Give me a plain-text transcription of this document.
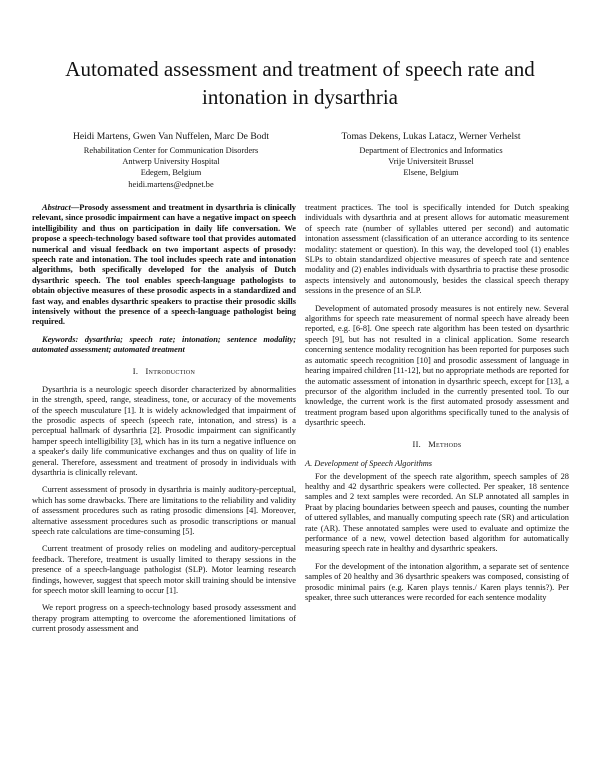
Automated assessment and treatment of speech rate and intonation in dysarthria
Heidi Martens, Gwen Van Nuffelen, Marc De Bodt
Rehabilitation Center for Communication Disorders
Antwerp University Hospital
Edegem, Belgium
heidi.martens@edpnet.be
Tomas Dekens, Lukas Latacz, Werner Verhelst
Department of Electronics and Informatics
Vrije Universiteit Brussel
Elsene, Belgium

Abstract—Prosody assessment and treatment in dysarthria is clinically relevant, since prosodic impairment can have a negative impact on speech intelligibility and thus on participation in daily life conversation. We propose a speech-technology based software tool that provides automated numerical and visual feedback on two important aspects of prosody: speech rate and intonation. The tool includes speech rate and intonation algorithms, both specifically developed for the analysis of Dutch dysarthric speech. The tool enables speech-language pathologists to obtain objective measures of these prosodic aspects in a standardized and fast way, and enables dysarthric speakers to practise their prosodic skills intensively without the presence of a speech-language pathologist being required.

Keywords: dysarthria; speech rate; intonation; sentence modality; automated assessment; automated treatment

I. Introduction

Dysarthria is a neurologic speech disorder characterized by abnormalities in the strength, speed, range, steadiness, tone, or accuracy of the movements of the speech musculature [1]. It is widely acknowledged that impairment of the prosodic aspects of speech (speech rate, intonation, and stress) is a perceptual hallmark of dysarthria [2]. Prosodic impairment can significantly hamper speech intelligibility [3], which has in its turn a negative influence on a speaker's daily life communicative exchanges and thus on quality of life in general. Therefore, assessment and treatment of prosody in individuals with dysarthria is clinically relevant.

Current assessment of prosody in dysarthria is mainly auditory-perceptual, which has some drawbacks. There are limitations to the reliability and validity of assessment procedures such as rating prosodic dimensions [4]. Moreover, alternative assessment procedures such as prosodic transcriptions or manual speech rate calculations are time-consuming [5].

Current treatment of prosody relies on modeling and auditory-perceptual feedback. Therefore, treatment is usually limited to therapy sessions in the presence of a speech-language pathologist (SLP). Motor learning research findings, however, suggest that speech motor skill training should be intensive for speech motor skill learning to occur [1].

We report progress on a speech-technology based prosody assessment and therapy program attempting to overcome the aforementioned limitations of current prosody assessment and

treatment practices. The tool is specifically intended for Dutch speaking individuals with dysarthria and at present allows for automatic measurement of speech rate (number of syllables uttered per second) and automatic intonation assessment (classification of an utterance according to its sentence modality: statement or question). In this way, the developed tool (1) enables SLPs to obtain standardized objective measures of speech rate and sentence modality and (2) enables individuals with dysarthria to practise these prosodic aspects intensively and autonomously, besides the classical speech therapy sessions in the presence of an SLP.

Development of automated prosody measures is not entirely new. Several algorithms for speech rate measurement of normal speech have already been reported, e.g. [6-8]. One speech rate algorithm has been tested on dysarthric speech [9], but has not resulted in a clinical application. Some research concerning sentence modality recognition has been reported for purposes such as automatic speech recognition [10] and prosodic assessment of language in hearing impaired children [11-12], but no appropriate methods are reported for the automatic assessment of intonation in dysarthric speech, except for [13], a precursor of the algorithm included in the currently presented tool. To our knowledge, the current work is the first automated prosody assessment and treatment program based upon algorithms specifically tuned to the analysis of dysarthric speech.

II. Methods
A. Development of Speech Algorithms

For the development of the speech rate algorithm, speech samples of 28 healthy and 42 dysarthric speakers were collected. Per speaker, 18 sentence samples and 2 text samples were recorded. An SLP annotated all samples in Praat by placing boundaries between speech and pauses, counting the number of uttered syllables, and manually computing speech rate (SR) and articulation rate (AR). These annotated samples were used to evaluate and optimize the performance of a new, vowel detection based algorithm for automatically measuring speech rate in healthy and dysarthric speakers.

For the development of the intonation algorithm, a separate set of sentence samples of 20 healthy and 36 dysarthric speakers was composed, consisting of prosodic minimal pairs (e.g. Karen plays tennis./ Karen plays tennis?). Per speaker, three such utterances were recorded for each sentence modality
